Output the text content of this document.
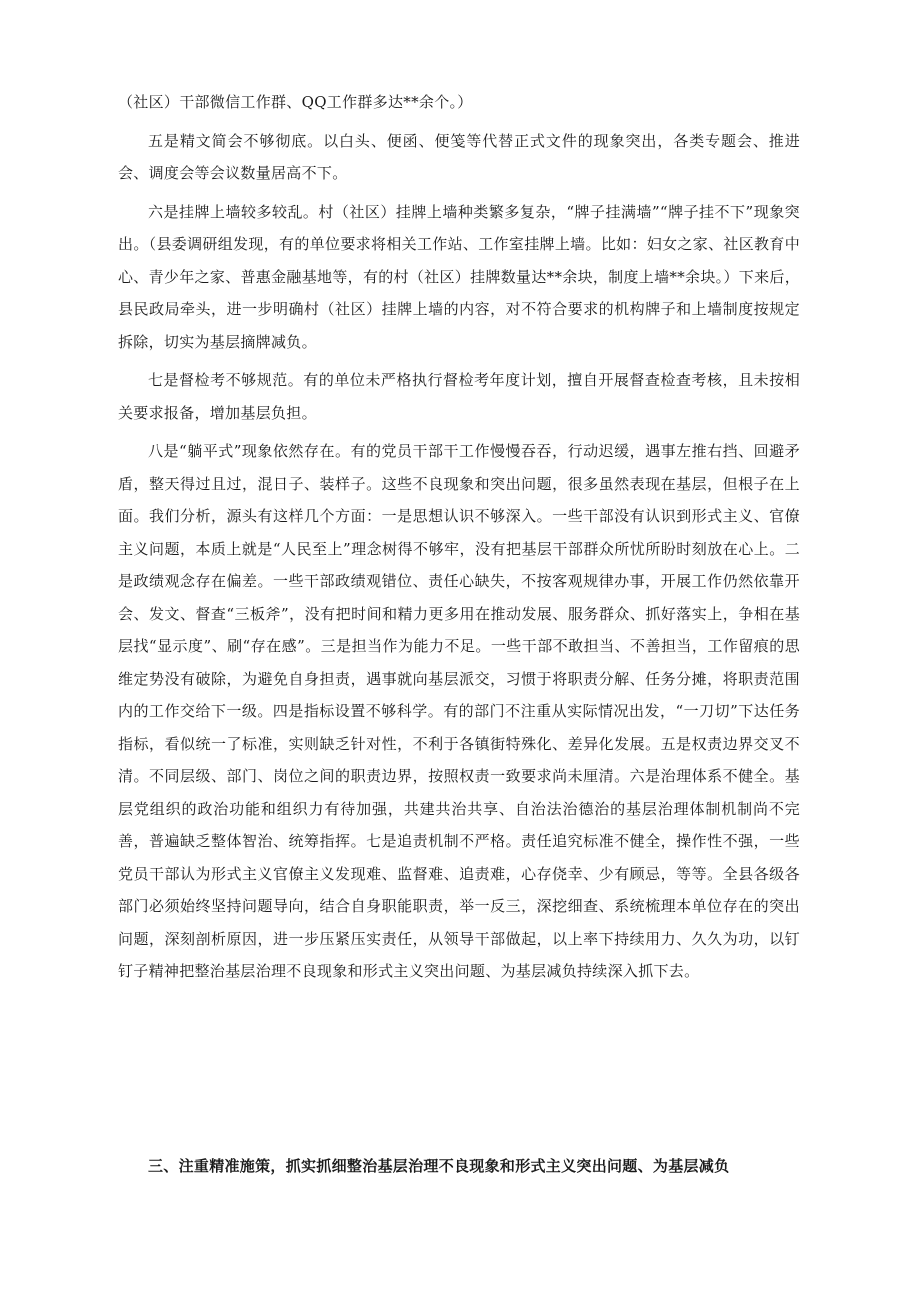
（社区）干部微信工作群、QQ工作群多达**余个。）

五是精文简会不够彻底。以白头、便函、便笺等代替正式文件的现象突出，各类专题会、推进会、调度会等会议数量居高不下。

六是挂牌上墙较多较乱。村（社区）挂牌上墙种类繁多复杂，“牌子挂满墙”“牌子挂不下”现象突出。（县委调研组发现，有的单位要求将相关工作站、工作室挂牌上墙。比如：妇女之家、社区教育中心、青少年之家、普惠金融基地等，有的村（社区）挂牌数量达**余块，制度上墙**余块。）下来后，县民政局牵头，进一步明确村（社区）挂牌上墙的内容，对不符合要求的机构牌子和上墙制度按规定拆除，切实为基层摘牌减负。

七是督检考不够规范。有的单位未严格执行督检考年度计划，擅自开展督查检查考核，且未按相关要求报备，增加基层负担。

八是“躺平式”现象依然存在。有的党员干部干工作慢慢吞吞，行动迟缓，遇事左推右挡、回避矛盾，整天得过且过，混日子、装样子。这些不良现象和突出问题，很多虽然表现在基层，但根子在上面。我们分析，源头有这样几个方面：一是思想认识不够深入。一些干部没有认识到形式主义、官僚主义问题，本质上就是“人民至上”理念树得不够牢，没有把基层干部群众所忧所盼时刻放在心上。二是政绩观念存在偏差。一些干部政绩观错位、责任心缺失，不按客观规律办事，开展工作仍然依靠开会、发文、督查“三板斧”，没有把时间和精力更多用在推动发展、服务群众、抓好落实上，争相在基层找“显示度”、刷“存在感”。三是担当作为能力不足。一些干部不敢担当、不善担当，工作留痕的思维定势没有破除，为避免自身担责，遇事就向基层派交，习惯于将职责分解、任务分摊，将职责范围内的工作交给下一级。四是指标设置不够科学。有的部门不注重从实际情况出发，“一刀切”下达任务指标，看似统一了标准，实则缺乏针对性，不利于各镇街特殊化、差异化发展。五是权责边界交叉不清。不同层级、部门、岗位之间的职责边界，按照权责一致要求尚未厘清。六是治理体系不健全。基层党组织的政治功能和组织力有待加强，共建共治共享、自治法治德治的基层治理体制机制尚不完善，普遍缺乏整体智治、统筹指挥。七是追责机制不严格。责任追究标准不健全，操作性不强，一些党员干部认为形式主义官僚主义发现难、监督难、追责难，心存侥幸、少有顾忌，等等。全县各级各部门必须始终坚持问题导向，结合自身职能职责，举一反三，深挖细查、系统梳理本单位存在的突出问题，深刻剖析原因，进一步压紧压实责任，从领导干部做起，以上率下持续用力、久久为功，以钉钉子精神把整治基层治理不良现象和形式主义突出问题、为基层减负持续深入抓下去。

三、注重精准施策，抓实抓细整治基层治理不良现象和形式主义突出问题、为基层减负
